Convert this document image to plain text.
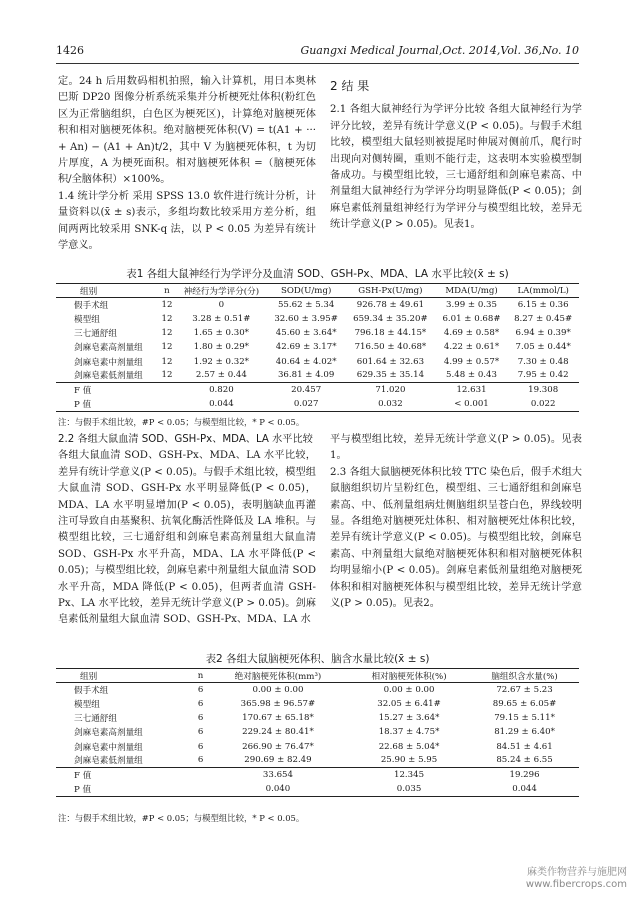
1426	Guangxi Medical Journal,Oct. 2014,Vol. 36,No. 10

定。24 h 后用数码相机拍照，输入计算机，用日本奥林巴斯 DP20 图像分析系统采集并分析梗死灶体积(粉红色区为正常脑组织，白色区为梗死区)，计算绝对脑梗死体积和相对脑梗死体积。绝对脑梗死体积(V) = t(A1 + ··· + An) − (A1 + An)t/2，其中 V 为脑梗死体积，t 为切片厚度，A 为梗死面积。相对脑梗死体积 =（脑梗死体积/全脑体积）×100%。

1.4 统计学分析 采用 SPSS 13.0 软件进行统计分析，计量资料以(x̄ ± s)表示，多组均数比较采用方差分析，组间两两比较采用 SNK-q 法，以 P < 0.05 为差异有统计学意义。

2 结 果

2.1 各组大鼠神经行为学评分比较 各组大鼠神经行为学评分比较，差异有统计学意义(P < 0.05)。与假手术组比较，模型组大鼠轻则被提尾时伸展对侧前爪，爬行时出现向对侧转圈，重则不能行走，这表明本实验模型制备成功。与模型组比较，三七通舒组和剑麻皂素高、中剂量组大鼠神经行为学评分均明显降低(P < 0.05)；剑麻皂素低剂量组神经行为学评分与模型组比较，差异无统计学意义(P > 0.05)。见表1。

表1 各组大鼠神经行为学评分及血清 SOD、GSH-Px、MDA、LA 水平比较(x̄ ± s)
组别	n	神经行为学评分(分)	SOD(U/mg)	GSH-Px(U/mg)	MDA(U/mg)	LA(mmol/L)
假手术组	12	0	55.62 ± 5.34	926.78 ± 49.61	3.99 ± 0.35	6.15 ± 0.36
模型组	12	3.28 ± 0.51#	32.60 ± 3.95#	659.34 ± 35.20#	6.01 ± 0.68#	8.27 ± 0.45#
三七通舒组	12	1.65 ± 0.30*	45.60 ± 3.64*	796.18 ± 44.15*	4.69 ± 0.58*	6.94 ± 0.39*
剑麻皂素高剂量组	12	1.80 ± 0.29*	42.69 ± 3.17*	716.50 ± 40.68*	4.22 ± 0.61*	7.05 ± 0.44*
剑麻皂素中剂量组	12	1.92 ± 0.32*	40.64 ± 4.02*	601.64 ± 32.63	4.99 ± 0.57*	7.30 ± 0.48
剑麻皂素低剂量组	12	2.57 ± 0.44	36.81 ± 4.09	629.35 ± 35.14	5.48 ± 0.43	7.95 ± 0.42
F 值		0.820	20.457	71.020	12.631	19.308
P 值		0.044	0.027	0.032	< 0.001	0.022
注：与假手术组比较，#P < 0.05；与模型组比较，* P < 0.05。

2.2 各组大鼠血清 SOD、GSH-Px、MDA、LA 水平比较

各组大鼠血清 SOD、GSH-Px、MDA、LA 水平比较，差异有统计学意义(P < 0.05)。与假手术组比较，模型组大鼠血清 SOD、GSH-Px 水平明显降低(P < 0.05)，MDA、LA 水平明显增加(P < 0.05)，表明脑缺血再灌注可导致自由基聚积、抗氧化酶活性降低及 LA 堆积。与模型组比较，三七通舒组和剑麻皂素高剂量组大鼠血清 SOD、GSH-Px 水平升高，MDA、LA 水平降低(P < 0.05)；与模型组比较，剑麻皂素中剂量组大鼠血清 SOD 水平升高，MDA 降低(P < 0.05)，但两者血清 GSH-Px、LA 水平比较，差异无统计学意义(P > 0.05)。剑麻皂素低剂量组大鼠血清 SOD、GSH-Px、MDA、LA 水

平与模型组比较，差异无统计学意义(P > 0.05)。见表1。

2.3 各组大鼠脑梗死体积比较 TTC 染色后，假手术组大鼠脑组织切片呈粉红色，模型组、三七通舒组和剑麻皂素高、中、低剂量组病灶侧脑组织呈苍白色，界线较明显。各组绝对脑梗死灶体积、相对脑梗死灶体积比较，差异有统计学意义(P < 0.05)。与模型组比较，剑麻皂素高、中剂量组大鼠绝对脑梗死体积和相对脑梗死体积均明显缩小(P < 0.05)。剑麻皂素低剂量组绝对脑梗死体积和相对脑梗死体积与模型组比较，差异无统计学意义(P > 0.05)。见表2。

表2 各组大鼠脑梗死体积、脑含水量比较(x̄ ± s)
组别	n	绝对脑梗死体积(mm³)	相对脑梗死体积(%)	脑组织含水量(%)
假手术组	6	0.00 ± 0.00	0.00 ± 0.00	72.67 ± 5.23
模型组	6	365.98 ± 96.57#	32.05 ± 6.41#	89.65 ± 6.05#
三七通舒组	6	170.67 ± 65.18*	15.27 ± 3.64*	79.15 ± 5.11*
剑麻皂素高剂量组	6	229.24 ± 80.41*	18.37 ± 4.75*	81.29 ± 6.40*
剑麻皂素中剂量组	6	266.90 ± 76.47*	22.68 ± 5.04*	84.51 ± 4.61
剑麻皂素低剂量组	6	290.69 ± 82.49	25.90 ± 5.95	85.24 ± 6.55
F 值		33.654	12.345	19.296
P 值		0.040	0.035	0.044
注：与假手术组比较，#P < 0.05；与模型组比较，* P < 0.05。
麻类作物营养与施肥网
www.fibercrops.com
